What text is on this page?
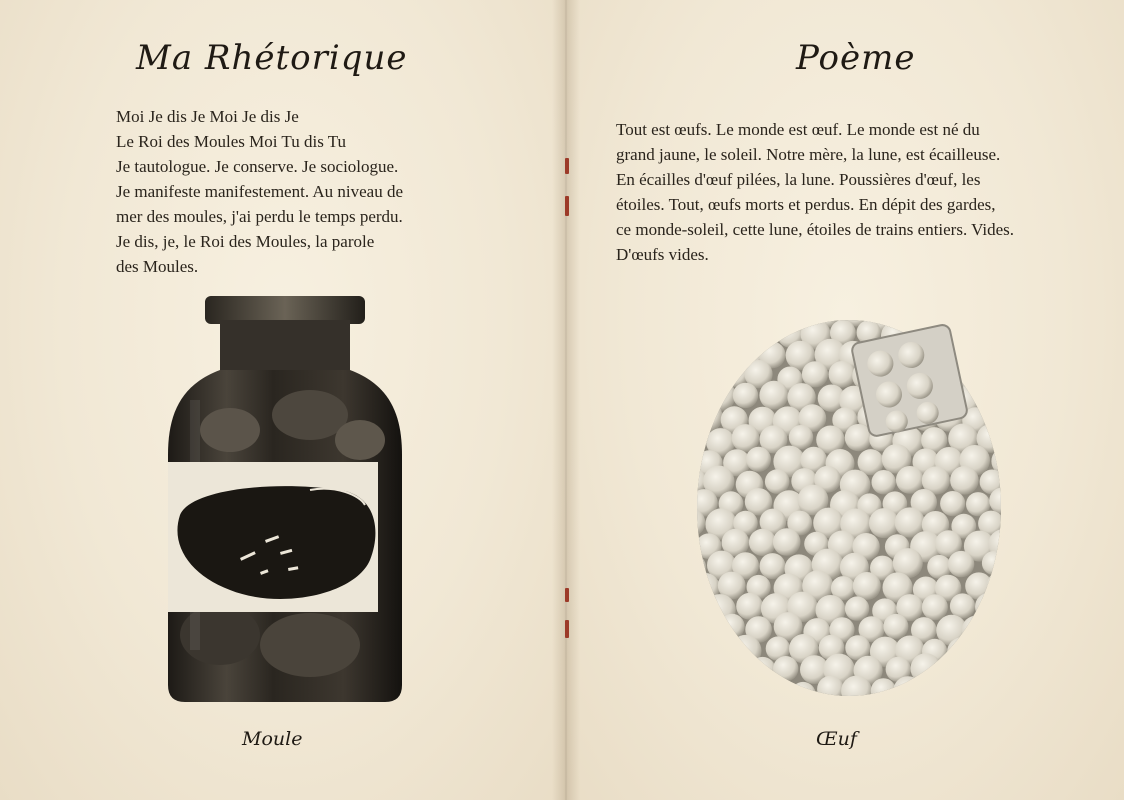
Ma Rhétorique
Moi Je dis Je Moi Je dis Je
Le Roi des Moules Moi Tu dis Tu
Je tautologue. Je conserve. Je sociologue.
Je manifeste manifestement. Au niveau de
mer des moules, j'ai perdu le temps perdu.
Je dis, je, le Roi des Moules, la parole
des Moules.

Moule

Poème
Tout est œufs. Le monde est œuf. Le monde est né du
grand jaune, le soleil. Notre mère, la lune, est écailleuse.
En écailles d'œuf pilées, la lune. Poussières d'œuf, les
étoiles. Tout, œufs morts et perdus. En dépit des gardes,
ce monde-soleil, cette lune, étoiles de trains entiers. Vides.
D'œufs vides.

Œuf
